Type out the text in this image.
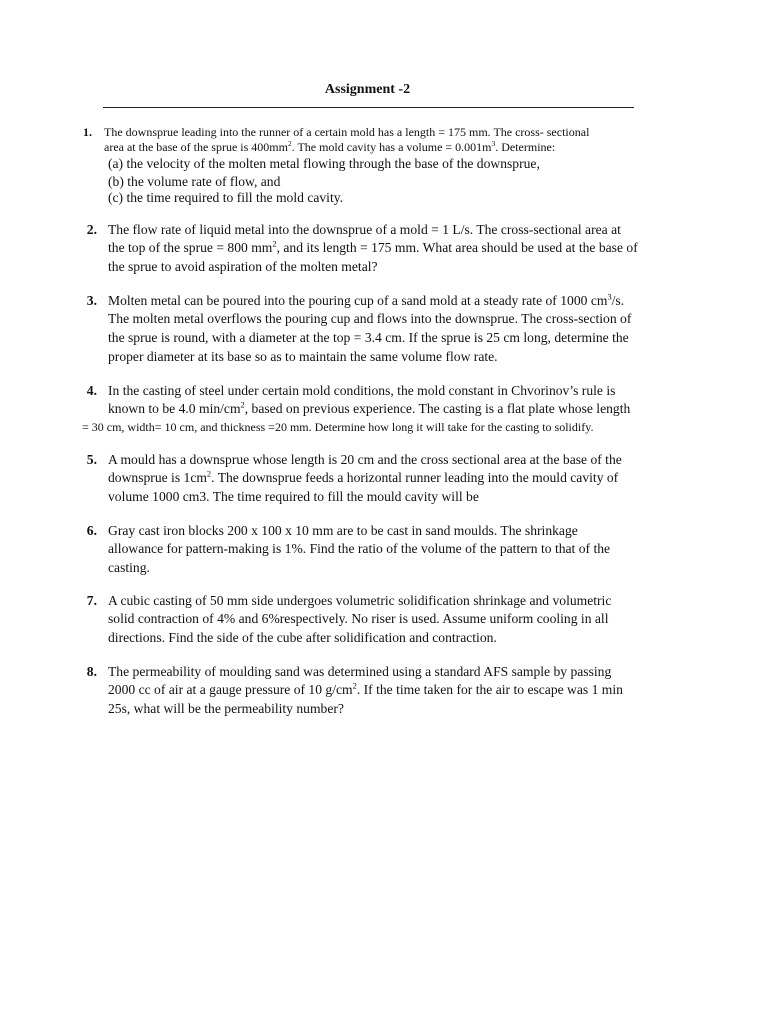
Assignment -2
1. The downsprue leading into the runner of a certain mold has a length = 175 mm. The cross- sectional
area at the base of the sprue is $400mm^2$. The mold cavity has a volume = $0.001m^3$. Determine:
(a) the velocity of the molten metal flowing through the base of the downsprue,
(b) the volume rate of flow, and
(c) the time required to fill the mold cavity.
2. The flow rate of liquid metal into the downsprue of a mold = 1 L/s. The cross-sectional area at
the top of the sprue = 800 $mm^2$, and its length = 175 mm. What area should be used at the base of
the sprue to avoid aspiration of the molten metal?
3. Molten metal can be poured into the pouring cup of a sand mold at a steady rate of 1000 $cm^3/s$.
The molten metal overflows the pouring cup and flows into the downsprue. The cross-section of
the sprue is round, with a diameter at the top = 3.4 cm. If the sprue is 25 cm long, determine the
proper diameter at its base so as to maintain the same volume flow rate.
4. In the casting of steel under certain mold conditions, the mold constant in Chvorinov’s rule is
known to be 4.0 $\min/cm^2$, based on previous experience. The casting is a flat plate whose length
= 30 cm, width= 10 cm, and thickness =20 mm. Determine how long it will take for the casting to solidify.
5. A mould has a downsprue whose length is 20 cm and the cross sectional area at the base of the
downsprue is $1cm^2$. The downsprue feeds a horizontal runner leading into the mould cavity of
volume 1000 cm3. The time required to fill the mould cavity will be
6. Gray cast iron blocks 200 x 100 x 10 mm are to be cast in sand moulds. The shrinkage
allowance for pattern-making is 1%. Find the ratio of the volume of the pattern to that of the
casting.
7. A cubic casting of 50 mm side undergoes volumetric solidification shrinkage and volumetric
solid contraction of 4% and 6%respectively. No riser is used. Assume uniform cooling in all
directions. Find the side of the cube after solidification and contraction.
8. The permeability of moulding sand was determined using a standard AFS sample by passing
2000 cc of air at a gauge pressure of 10 $g/cm^2$. If the time taken for the air to escape was 1 min
25s, what will be the permeability number?
